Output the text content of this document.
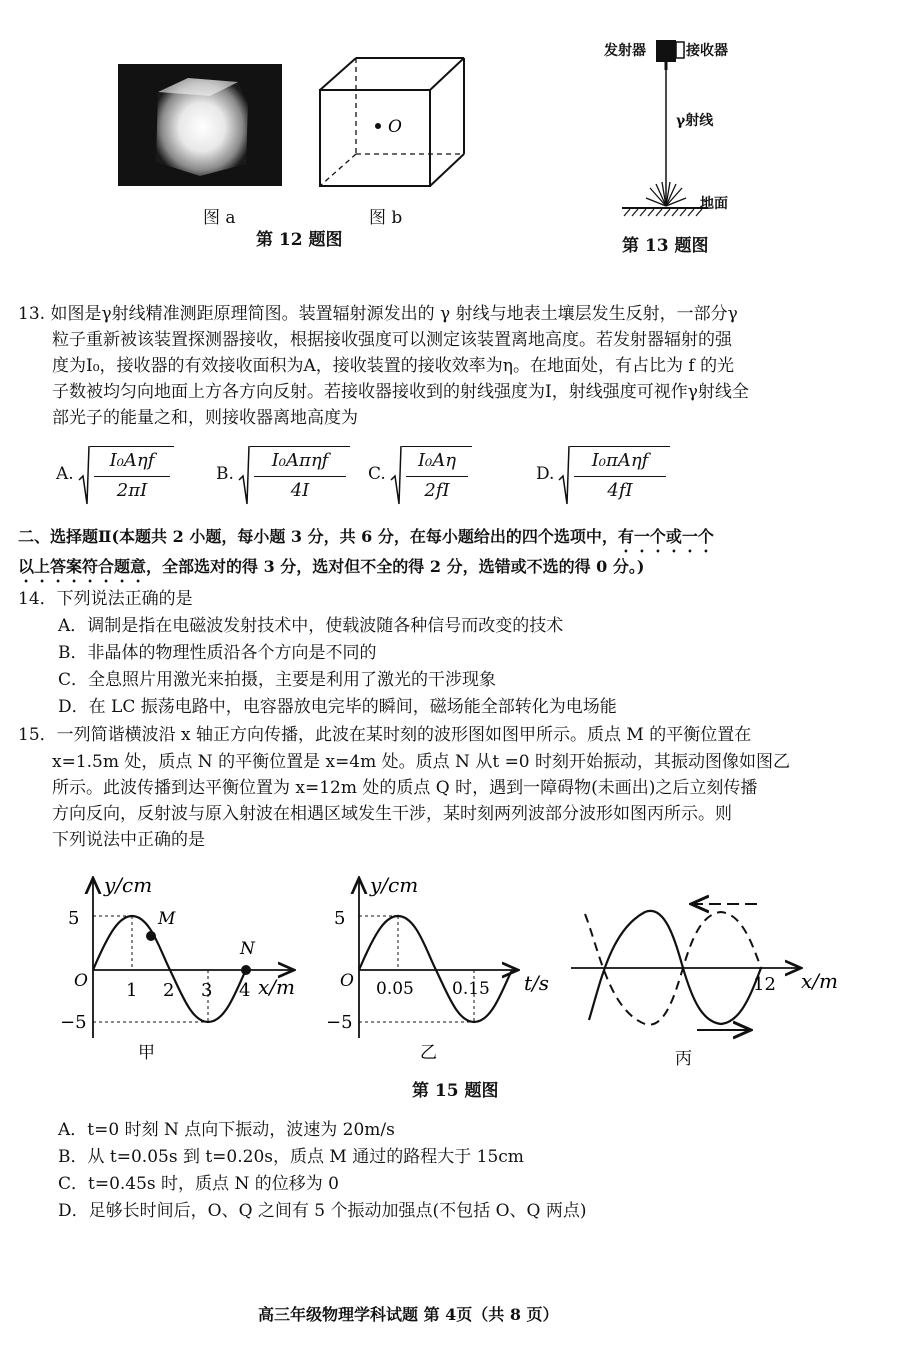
图 a
O
图 b
第 12 题图
发射器	接收器
γ射线
地面
第 13 题图
13. 如图是γ射线精准测距原理简图。装置辐射源发出的 γ 射线与地表土壤层发生反射，一部分γ
粒子重新被该装置探测器接收，根据接收强度可以测定该装置离地高度。若发射器辐射的强
度为I₀，接收器的有效接收面积为A，接收装置的接收效率为η。在地面处，有占比为 f 的光
子数被均匀向地面上方各方向反射。若接收器接收到的射线强度为I，射线强度可视作γ射线全
部光子的能量之和，则接收器离地高度为
A.
I₀Aηf
2πI
B.
I₀Aπηf
4I
C.
I₀Aη
2fI
D.
I₀πAηf
4fI
二、选择题Ⅱ(本题共 2 小题，每小题 3 分，共 6 分，在每小题给出的四个选项中，有一个或一个
以上答案符合题意，全部选对的得 3 分，选对但不全的得 2 分，选错或不选的得 0 分。)
14．下列说法正确的是
A．调制是指在电磁波发射技术中，使载波随各种信号而改变的技术
B．非晶体的物理性质沿各个方向是不同的
C．全息照片用激光来拍摄，主要是利用了激光的干涉现象
D．在 LC 振荡电路中，电容器放电完毕的瞬间，磁场能全部转化为电场能
15．一列简谐横波沿 x 轴正方向传播，此波在某时刻的波形图如图甲所示。质点 M 的平衡位置在
x=1.5m 处，质点 N 的平衡位置是 x=4m 处。质点 N 从t =0 时刻开始振动，其振动图像如图乙
所示。此波传播到达平衡位置为 x=12m 处的质点 Q 时，遇到一障碍物(未画出)之后立刻传播
方向反向，反射波与原入射波在相遇区域发生干涉，某时刻两列波部分波形如图丙所示。则
下列说法中正确的是
y/cm
x/m
O
5
−5
1 2 3 4
M
N
甲
y/cm
t/s
O
5
−5
0.05 0.15
乙
12 x/m
丙
第 15 题图
A．t=0 时刻 N 点向下振动，波速为 20m/s
B．从 t=0.05s 到 t=0.20s，质点 M 通过的路程大于 15cm
C．t=0.45s 时，质点 N 的位移为 0
D．足够长时间后，O、Q 之间有 5 个振动加强点(不包括 O、Q 两点)
高三年级物理学科试题 第 4页（共 8 页）
